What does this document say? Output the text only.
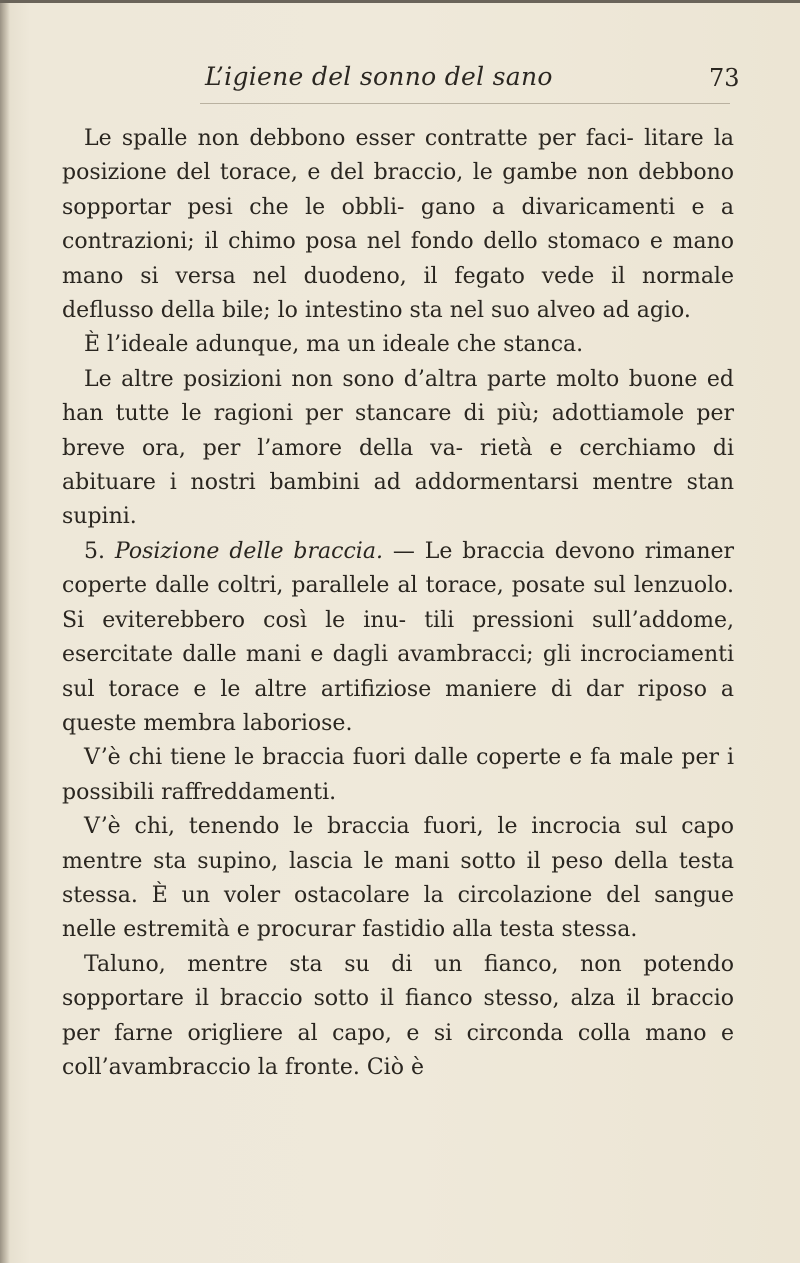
L’igiene del sonno del sano	73

Le spalle non debbono esser contratte per faci- litare la posizione del torace, e del braccio, le gambe non debbono sopportar pesi che le obbli- gano a divaricamenti e a contrazioni; il chimo posa nel fondo dello stomaco e mano mano si versa nel duodeno, il fegato vede il normale deflusso della bile; lo intestino sta nel suo alveo ad agio.

È l’ideale adunque, ma un ideale che stanca.

Le altre posizioni non sono d’altra parte molto buone ed han tutte le ragioni per stancare di più; adottiamole per breve ora, per l’amore della va- rietà e cerchiamo di abituare i nostri bambini ad addormentarsi mentre stan supini.

5. Posizione delle braccia. — Le braccia devono rimaner coperte dalle coltri, parallele al torace, posate sul lenzuolo. Si eviterebbero così le inu- tili pressioni sull’addome, esercitate dalle mani e dagli avambracci; gli incrociamenti sul torace e le altre artifiziose maniere di dar riposo a queste membra laboriose.

V’è chi tiene le braccia fuori dalle coperte e fa male per i possibili raffreddamenti.

V’è chi, tenendo le braccia fuori, le incrocia sul capo mentre sta supino, lascia le mani sotto il peso della testa stessa. È un voler ostacolare la circolazione del sangue nelle estremità e procurar fastidio alla testa stessa.

Taluno, mentre sta su di un fianco, non potendo sopportare il braccio sotto il fianco stesso, alza il braccio per farne origliere al capo, e si circonda colla mano e coll’avambraccio la fronte. Ciò è
